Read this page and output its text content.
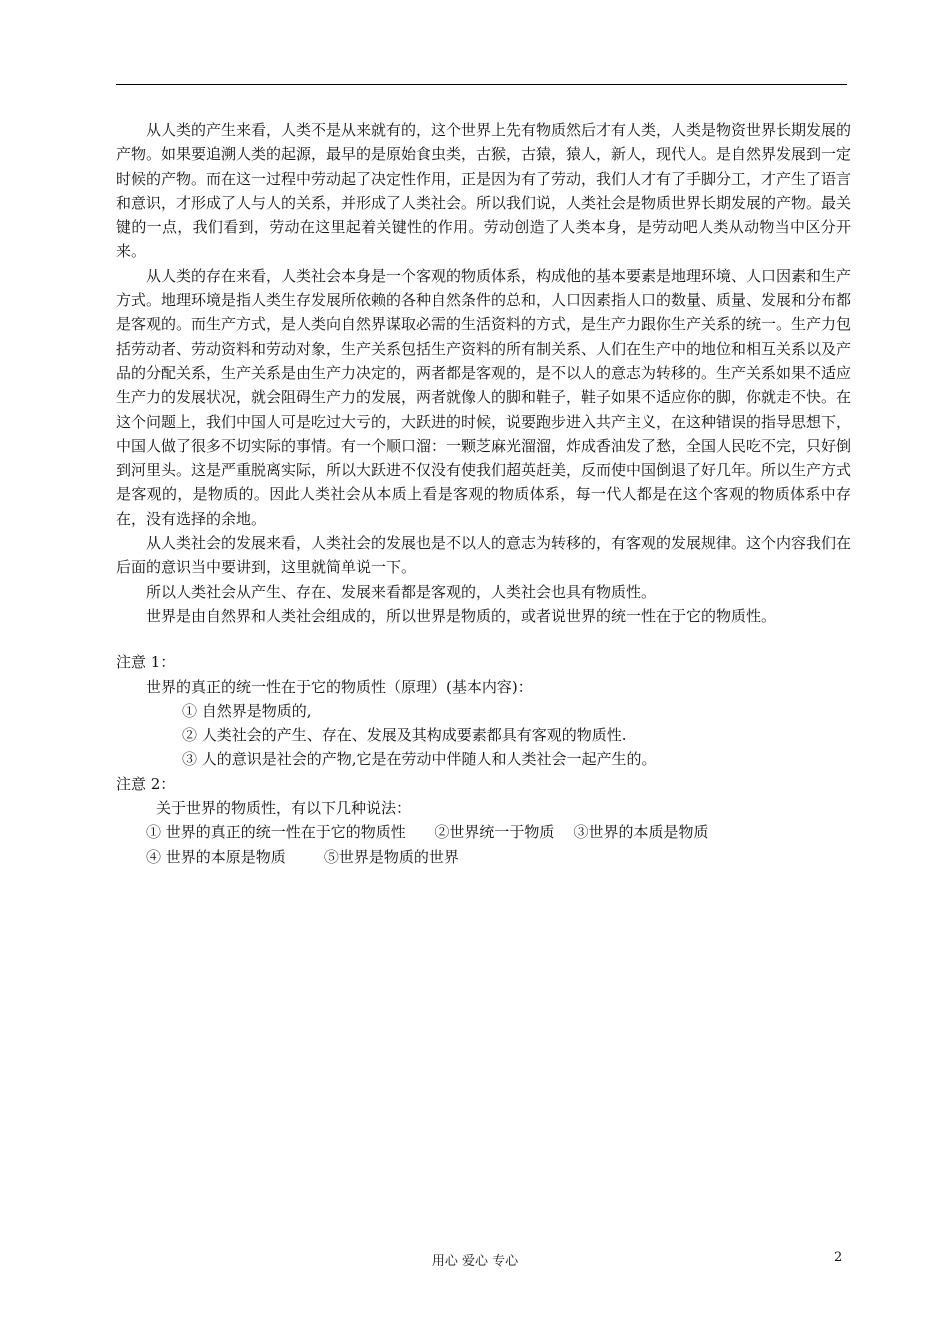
从人类的产生来看，人类不是从来就有的，这个世界上先有物质然后才有人类，人类是物资世界长期发展的产物。如果要追溯人类的起源，最早的是原始食虫类，古猴，古猿，猿人，新人，现代人。是自然界发展到一定时候的产物。而在这一过程中劳动起了决定性作用，正是因为有了劳动，我们人才有了手脚分工，才产生了语言和意识，才形成了人与人的关系，并形成了人类社会。所以我们说，人类社会是物质世界长期发展的产物。最关键的一点，我们看到，劳动在这里起着关键性的作用。劳动创造了人类本身，是劳动吧人类从动物当中区分开来。

从人类的存在来看，人类社会本身是一个客观的物质体系，构成他的基本要素是地理环境、人口因素和生产方式。地理环境是指人类生存发展所依赖的各种自然条件的总和，人口因素指人口的数量、质量、发展和分布都是客观的。而生产方式，是人类向自然界谋取必需的生活资料的方式，是生产力跟你生产关系的统一。生产力包括劳动者、劳动资料和劳动对象，生产关系包括生产资料的所有制关系、人们在生产中的地位和相互关系以及产品的分配关系，生产关系是由生产力决定的，两者都是客观的，是不以人的意志为转移的。生产关系如果不适应生产力的发展状况，就会阻碍生产力的发展，两者就像人的脚和鞋子，鞋子如果不适应你的脚，你就走不快。在这个问题上，我们中国人可是吃过大亏的，大跃进的时候，说要跑步进入共产主义，在这种错误的指导思想下，中国人做了很多不切实际的事情。有一个顺口溜：一颗芝麻光溜溜，炸成香油发了愁，全国人民吃不完，只好倒到河里头。这是严重脱离实际，所以大跃进不仅没有使我们超英赶美，反而使中国倒退了好几年。所以生产方式是客观的，是物质的。因此人类社会从本质上看是客观的物质体系，每一代人都是在这个客观的物质体系中存在，没有选择的余地。

从人类社会的发展来看，人类社会的发展也是不以人的意志为转移的，有客观的发展规律。这个内容我们在后面的意识当中要讲到，这里就简单说一下。

所以人类社会从产生、存在、发展来看都是客观的，人类社会也具有物质性。

世界是由自然界和人类社会组成的，所以世界是物质的，或者说世界的统一性在于它的物质性。

注意 1：

世界的真正的统一性在于它的物质性（原理）(基本内容)：

① 自然界是物质的,

② 人类社会的产生、存在、发展及其构成要素都具有客观的物质性.

③ 人的意识是社会的产物,它是在劳动中伴随人和人类社会一起产生的。

注意 2：

关于世界的物质性，有以下几种说法：

① 世界的真正的统一性在于它的物质性      ②世界统一于物质    ③世界的本质是物质

④ 世界的本原是物质        ⑤世界是物质的世界

用心 爱心 专心	2
